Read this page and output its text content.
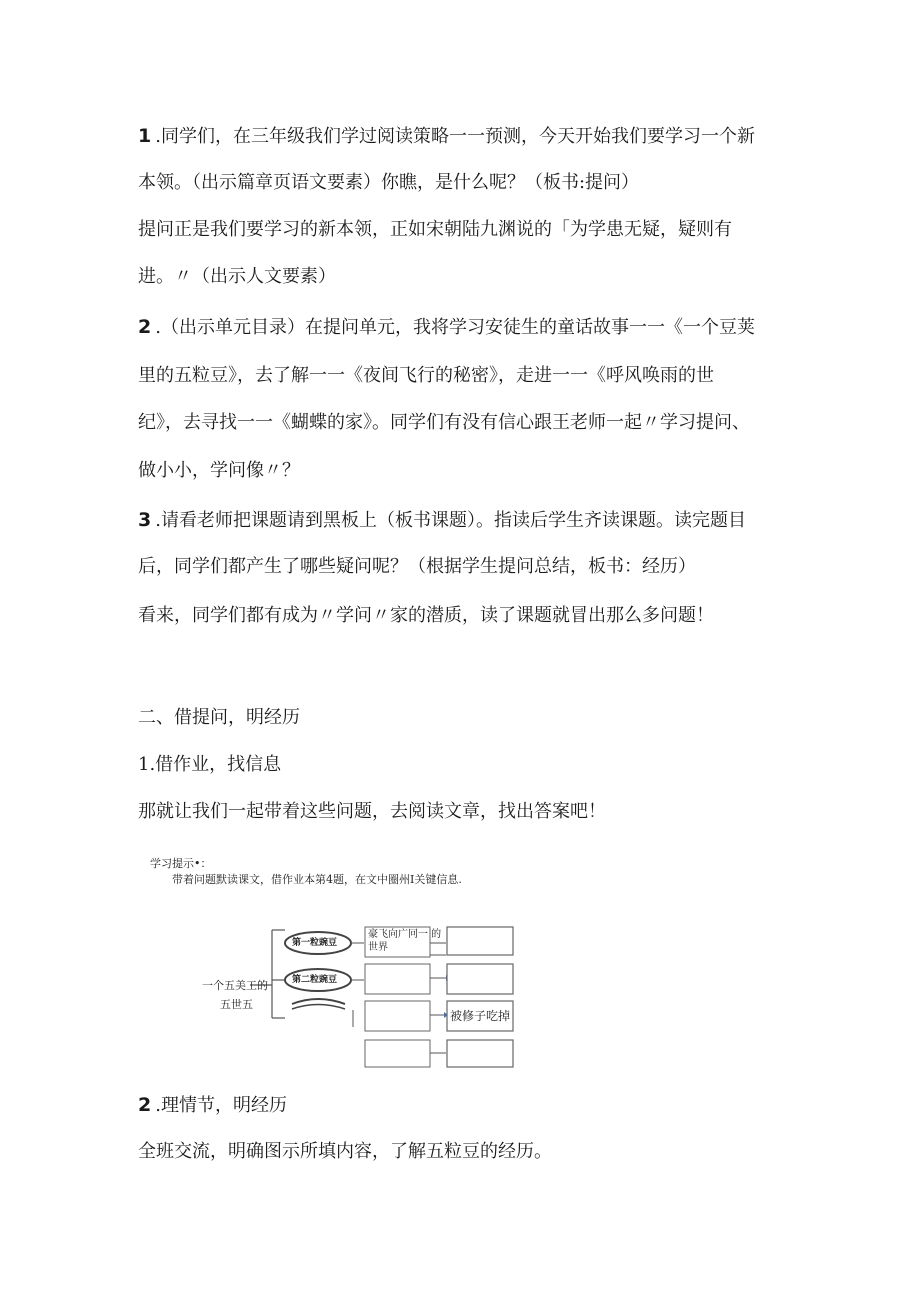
1 .同学们，在三年级我们学过阅读策略一一预测，今天开始我们要学习一个新
本领。（出示篇章页语文要素）你瞧，是什么呢？（板书:提问）
提问正是我们要学习的新本领，正如宋朝陆九渊说的「为学患无疑，疑则有
进。〃（出示人文要素）
2 .（出示单元目录）在提问单元，我将学习安徒生的童话故事一一《一个豆荚
里的五粒豆》，去了解一一《夜间飞行的秘密》，走进一一《呼风唤雨的世
纪》，去寻找一一《蝴蝶的家》。同学们有没有信心跟王老师一起〃学习提问、
做小小，学问像〃？
3 .请看老师把课题请到黑板上（板书课题）。指读后学生齐读课题。读完题目
后，同学们都产生了哪些疑问呢？（根据学生提问总结，板书：经历）
看来，同学们都有成为〃学问〃家的潜质，读了课题就冒出那么多问题！
二、借提问，明经历
1.借作业，找信息
那就让我们一起带着这些问题，去阅读文章，找出答案吧！
学习提示•：
带着问题默读课文，借作业本第4题，在文中圈州I关键信息.
一个五美工的
五世五
第一粒豌豆
第二粒豌豆
豪飞向广冋一 的
世界
被修子吃掉
2 .理情节，明经历
全班交流，明确图示所填内容，了解五粒豆的经历。
